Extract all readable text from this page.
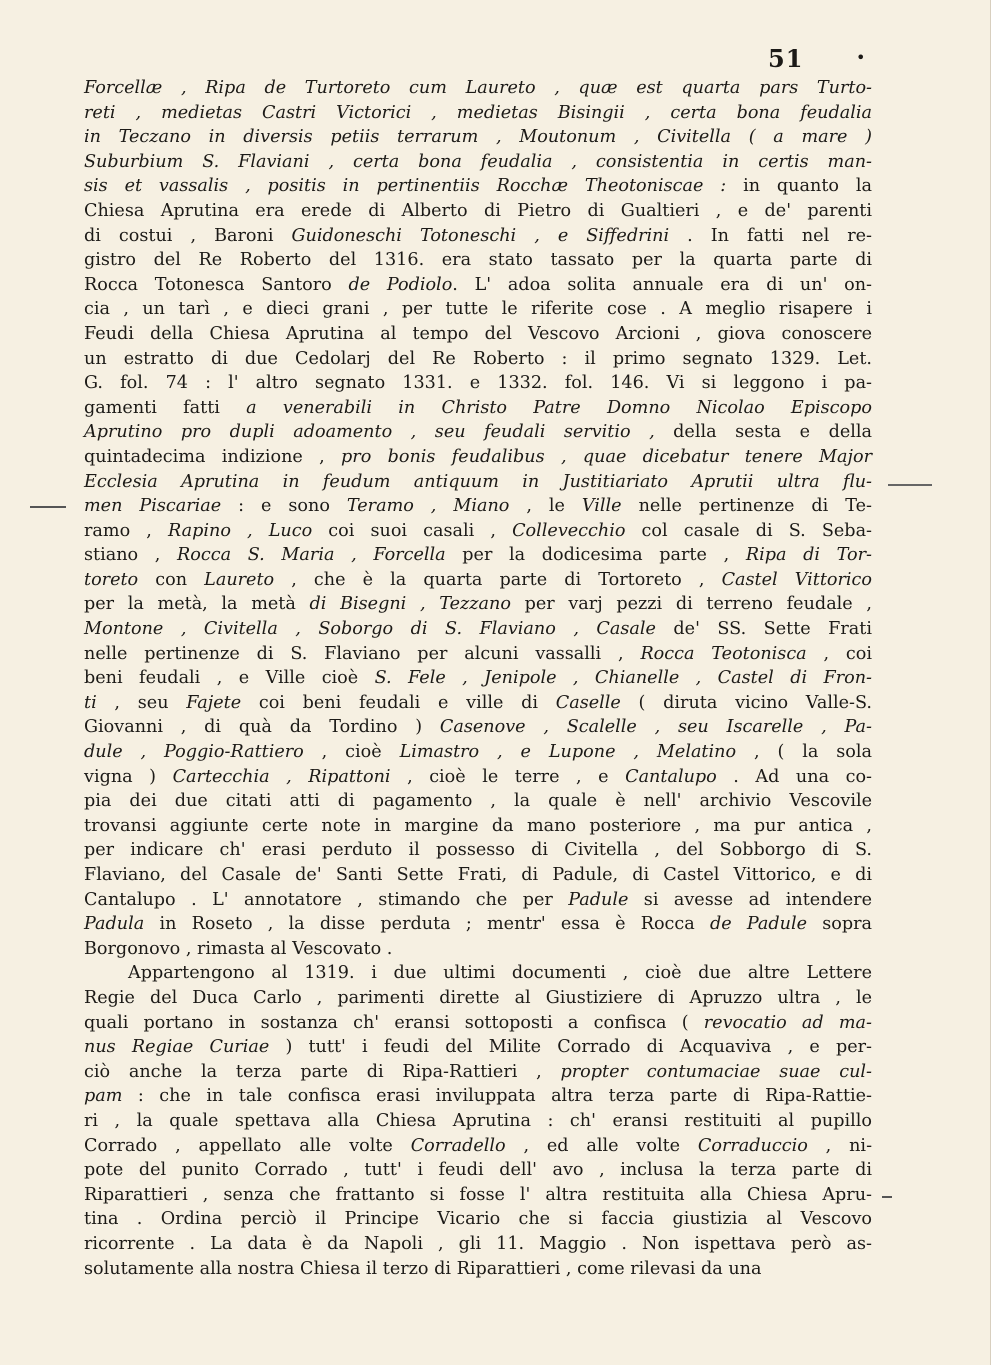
51	•
Forcellæ , Ripa de Turtoreto cum Laureto , quæ est quarta pars Turto-
reti , medietas Castri Victorici , medietas Bisingii , certa bona feudalia
in Teczano in diversis petiis terrarum , Moutonum , Civitella ( a mare )
Suburbium S. Flaviani , certa bona feudalia , consistentia in certis man-
sis et vassalis , positis in pertinentiis Rocchæ Theotoniscae : in quanto la
Chiesa Aprutina era erede di Alberto di Pietro di Gualtieri , e de' parenti
di costui , Baroni Guidoneschi Totoneschi , e Siffedrini . In fatti nel re-
gistro del Re Roberto del 1316. era stato tassato per la quarta parte di
Rocca Totonesca Santoro de Podiolo. L' adoa solita annuale era di un' on-
cia , un tarì , e dieci grani , per tutte le riferite cose . A meglio risapere i
Feudi della Chiesa Aprutina al tempo del Vescovo Arcioni , giova conoscere
un estratto di due Cedolarj del Re Roberto : il primo segnato 1329. Let.
G. fol. 74 : l' altro segnato 1331. e 1332. fol. 146. Vi si leggono i pa-
gamenti fatti a venerabili in Christo Patre Domno Nicolao Episcopo
Aprutino pro dupli adoamento , seu feudali servitio , della sesta e della
quintadecima indizione , pro bonis feudalibus , quae dicebatur tenere Major
Ecclesia Aprutina in feudum antiquum in Justitiariato Aprutii ultra flu-
men Piscariae : e sono Teramo , Miano , le Ville nelle pertinenze di Te-
ramo , Rapino , Luco coi suoi casali , Collevecchio col casale di S. Seba-
stiano , Rocca S. Maria , Forcella per la dodicesima parte , Ripa di Tor-
toreto con Laureto , che è la quarta parte di Tortoreto , Castel Vittorico
per la metà, la metà di Bisegni , Tezzano per varj pezzi di terreno feudale ,
Montone , Civitella , Soborgo di S. Flaviano , Casale de' SS. Sette Frati
nelle pertinenze di S. Flaviano per alcuni vassalli , Rocca Teotonisca , coi
beni feudali , e Ville cioè S. Fele , Jenipole , Chianelle , Castel di Fron-
ti , seu Fajete coi beni feudali e ville di Caselle ( diruta vicino Valle-S.
Giovanni , di quà da Tordino ) Casenove , Scalelle , seu Iscarelle , Pa-
dule , Poggio-Rattiero , cioè Limastro , e Lupone , Melatino , ( la sola
vigna ) Cartecchia , Ripattoni , cioè le terre , e Cantalupo . Ad una co-
pia dei due citati atti di pagamento , la quale è nell' archivio Vescovile
trovansi aggiunte certe note in margine da mano posteriore , ma pur antica ,
per indicare ch' erasi perduto il possesso di Civitella , del Sobborgo di S.
Flaviano, del Casale de' Santi Sette Frati, di Padule, di Castel Vittorico, e di
Cantalupo . L' annotatore , stimando che per Padule si avesse ad intendere
Padula in Roseto , la disse perduta ; mentr' essa è Rocca de Padule sopra
Borgonovo , rimasta al Vescovato .
Appartengono al 1319. i due ultimi documenti , cioè due altre Lettere
Regie del Duca Carlo , parimenti dirette al Giustiziere di Apruzzo ultra , le
quali portano in sostanza ch' eransi sottoposti a confisca ( revocatio ad ma-
nus Regiae Curiae ) tutt' i feudi del Milite Corrado di Acquaviva , e per-
ciò anche la terza parte di Ripa-Rattieri , propter contumaciae suae cul-
pam : che in tale confisca erasi inviluppata altra terza parte di Ripa-Rattie-
ri , la quale spettava alla Chiesa Aprutina : ch' eransi restituiti al pupillo
Corrado , appellato alle volte Corradello , ed alle volte Corraduccio , ni-
pote del punito Corrado , tutt' i feudi dell' avo , inclusa la terza parte di
Riparattieri , senza che frattanto si fosse l' altra restituita alla Chiesa Apru-
tina . Ordina perciò il Principe Vicario che si faccia giustizia al Vescovo
ricorrente . La data è da Napoli , gli 11. Maggio . Non ispettava però as-
solutamente alla nostra Chiesa il terzo di Riparattieri , come rilevasi da una
